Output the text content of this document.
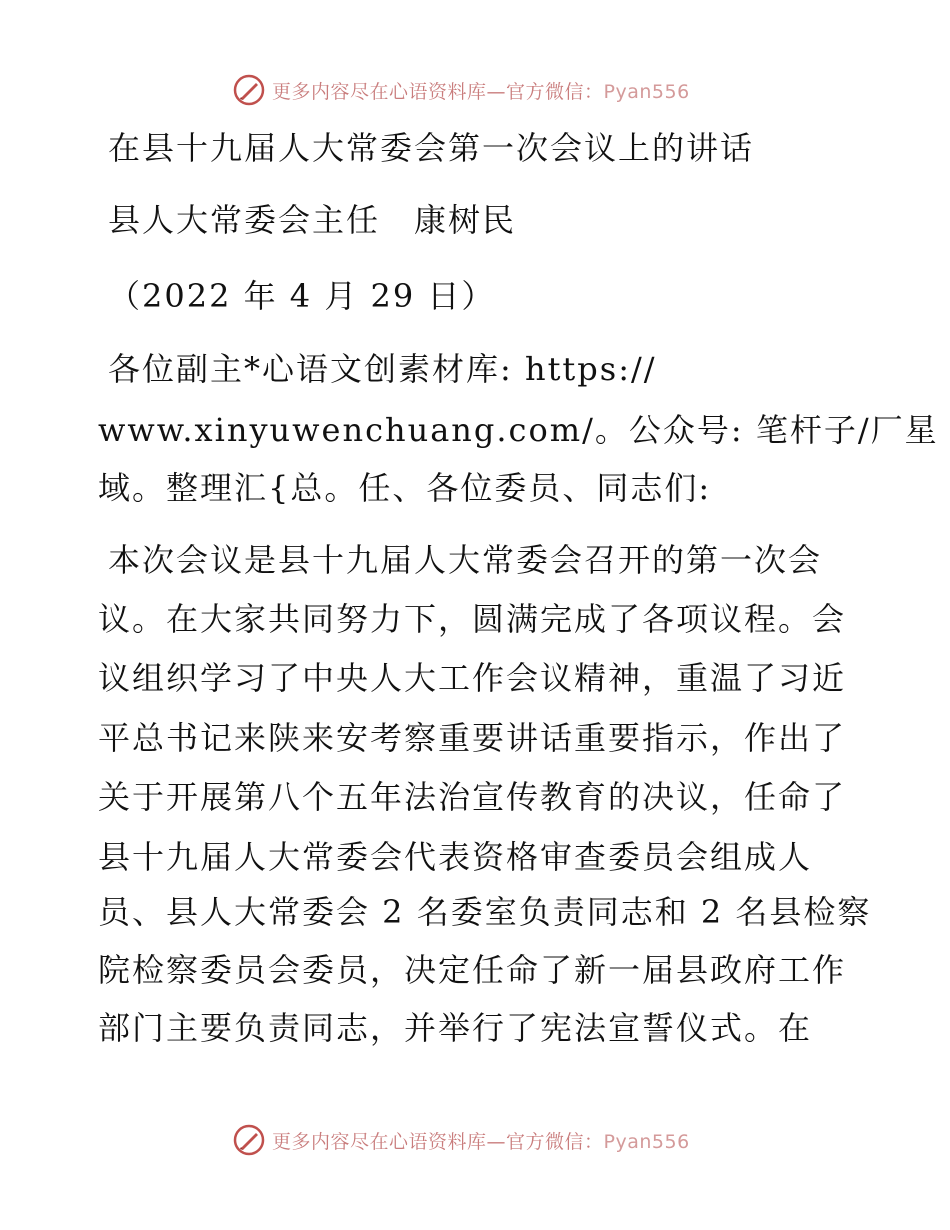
更多内容尽在心语资料库—官方微信：Pyan556
在县十九届人大常委会第一次会议上的讲话
县人大常委会主任　康树民
（2022 年 4 月 29 日）
各位副主*心语文创素材库: https://
www.xinyuwenchuang.com/。公众号: 笔杆子/厂星
域。整理汇{总。任、各位委员、同志们:
本次会议是县十九届人大常委会召开的第一次会
议。在大家共同努力下，圆满完成了各项议程。会
议组织学习了中央人大工作会议精神，重温了习近
平总书记来陕来安考察重要讲话重要指示，作出了
关于开展第八个五年法治宣传教育的决议，任命了
县十九届人大常委会代表资格审查委员会组成人
员、县人大常委会 2 名委室负责同志和 2 名县检察
院检察委员会委员，决定任命了新一届县政府工作
部门主要负责同志，并举行了宪法宣誓仪式。在
更多内容尽在心语资料库—官方微信：Pyan556
